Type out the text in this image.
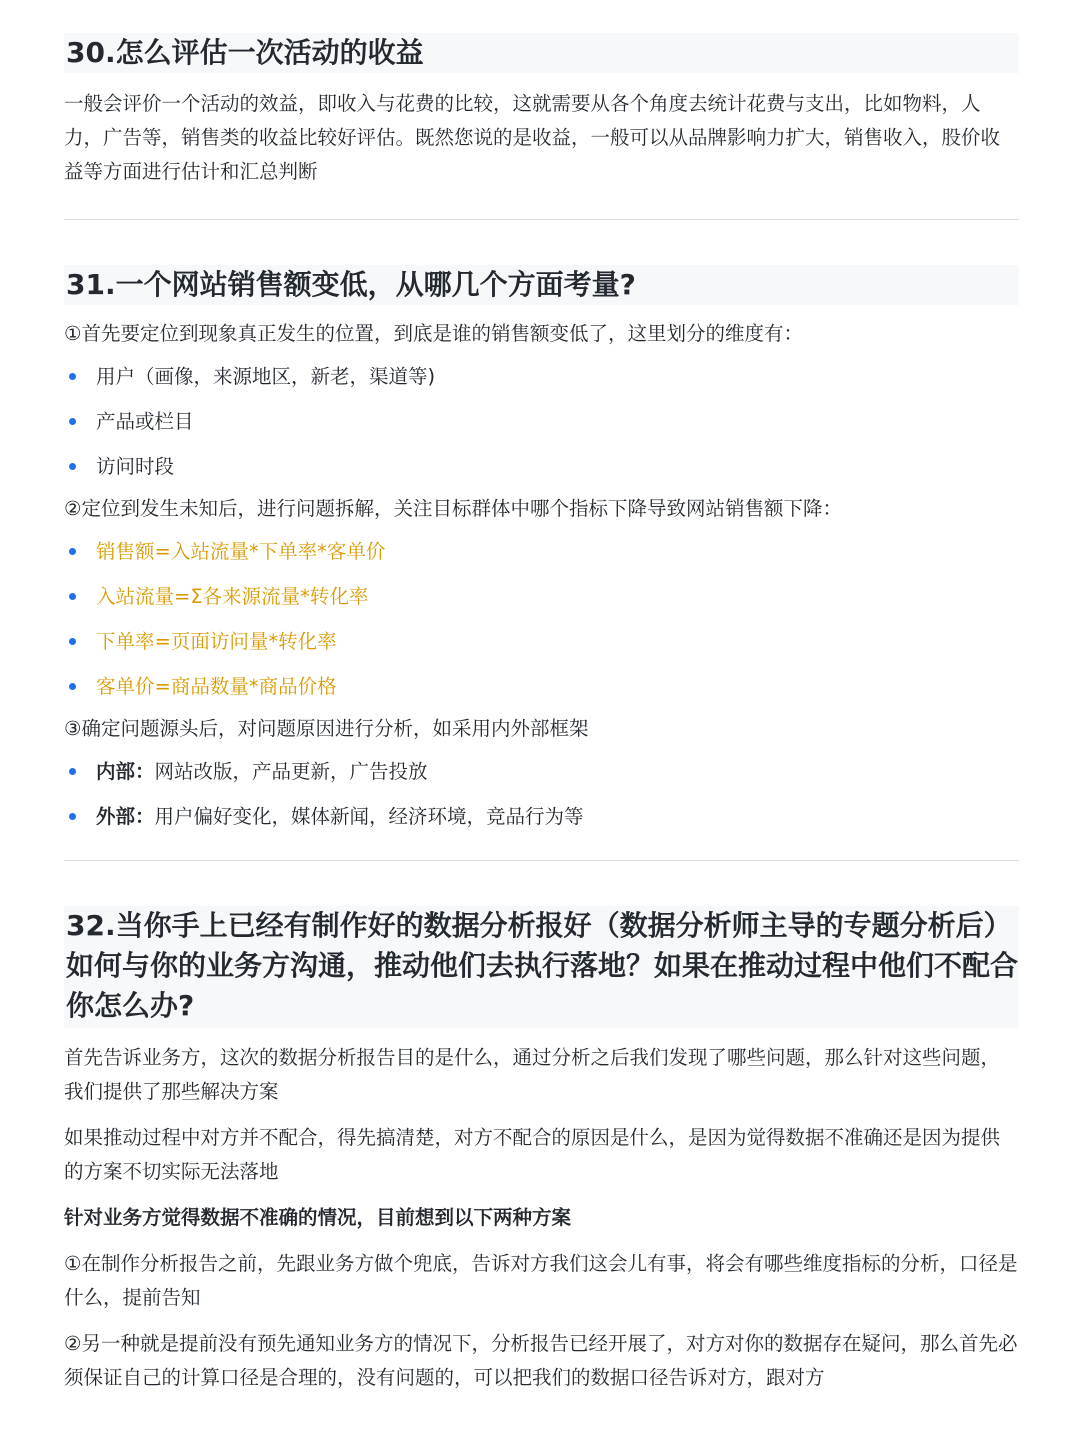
30.怎么评估一次活动的收益

一般会评价一个活动的效益，即收入与花费的比较，这就需要从各个角度去统计花费与支出，比如物料，人力，广告等，销售类的收益比较好评估。既然您说的是收益，一般可以从品牌影响力扩大，销售收入，股价收益等方面进行估计和汇总判断

31.一个网站销售额变低，从哪几个方面考量?

①首先要定位到现象真正发生的位置，到底是谁的销售额变低了，这里划分的维度有：

用户（画像，来源地区，新老，渠道等)
产品或栏目
访问时段

②定位到发生未知后，进行问题拆解，关注目标群体中哪个指标下降导致网站销售额下降：

销售额=入站流量*下单率*客单价
入站流量=Σ各来源流量*转化率
下单率=页面访问量*转化率
客单价=商品数量*商品价格

③确定问题源头后，对问题原因进行分析，如采用内外部框架

内部：网站改版，产品更新，广告投放
外部：用户偏好变化，媒体新闻，经济环境，竞品行为等
32.当你手上已经有制作好的数据分析报好（数据分析师主导的专题分析后）如何与你的业务方沟通，推动他们去执行落地？如果在推动过程中他们不配合你怎么办?

首先告诉业务方，这次的数据分析报告目的是什么，通过分析之后我们发现了哪些问题，那么针对这些问题，我们提供了那些解决方案

如果推动过程中对方并不配合，得先搞清楚，对方不配合的原因是什么，是因为觉得数据不准确还是因为提供的方案不切实际无法落地

针对业务方觉得数据不准确的情况，目前想到以下两种方案

①在制作分析报告之前，先跟业务方做个兜底，告诉对方我们这会儿有事，将会有哪些维度指标的分析，口径是什么，提前告知

②另一种就是提前没有预先通知业务方的情况下，分析报告已经开展了，对方对你的数据存在疑问，那么首先必须保证自己的计算口径是合理的，没有问题的，可以把我们的数据口径告诉对方，跟对方
